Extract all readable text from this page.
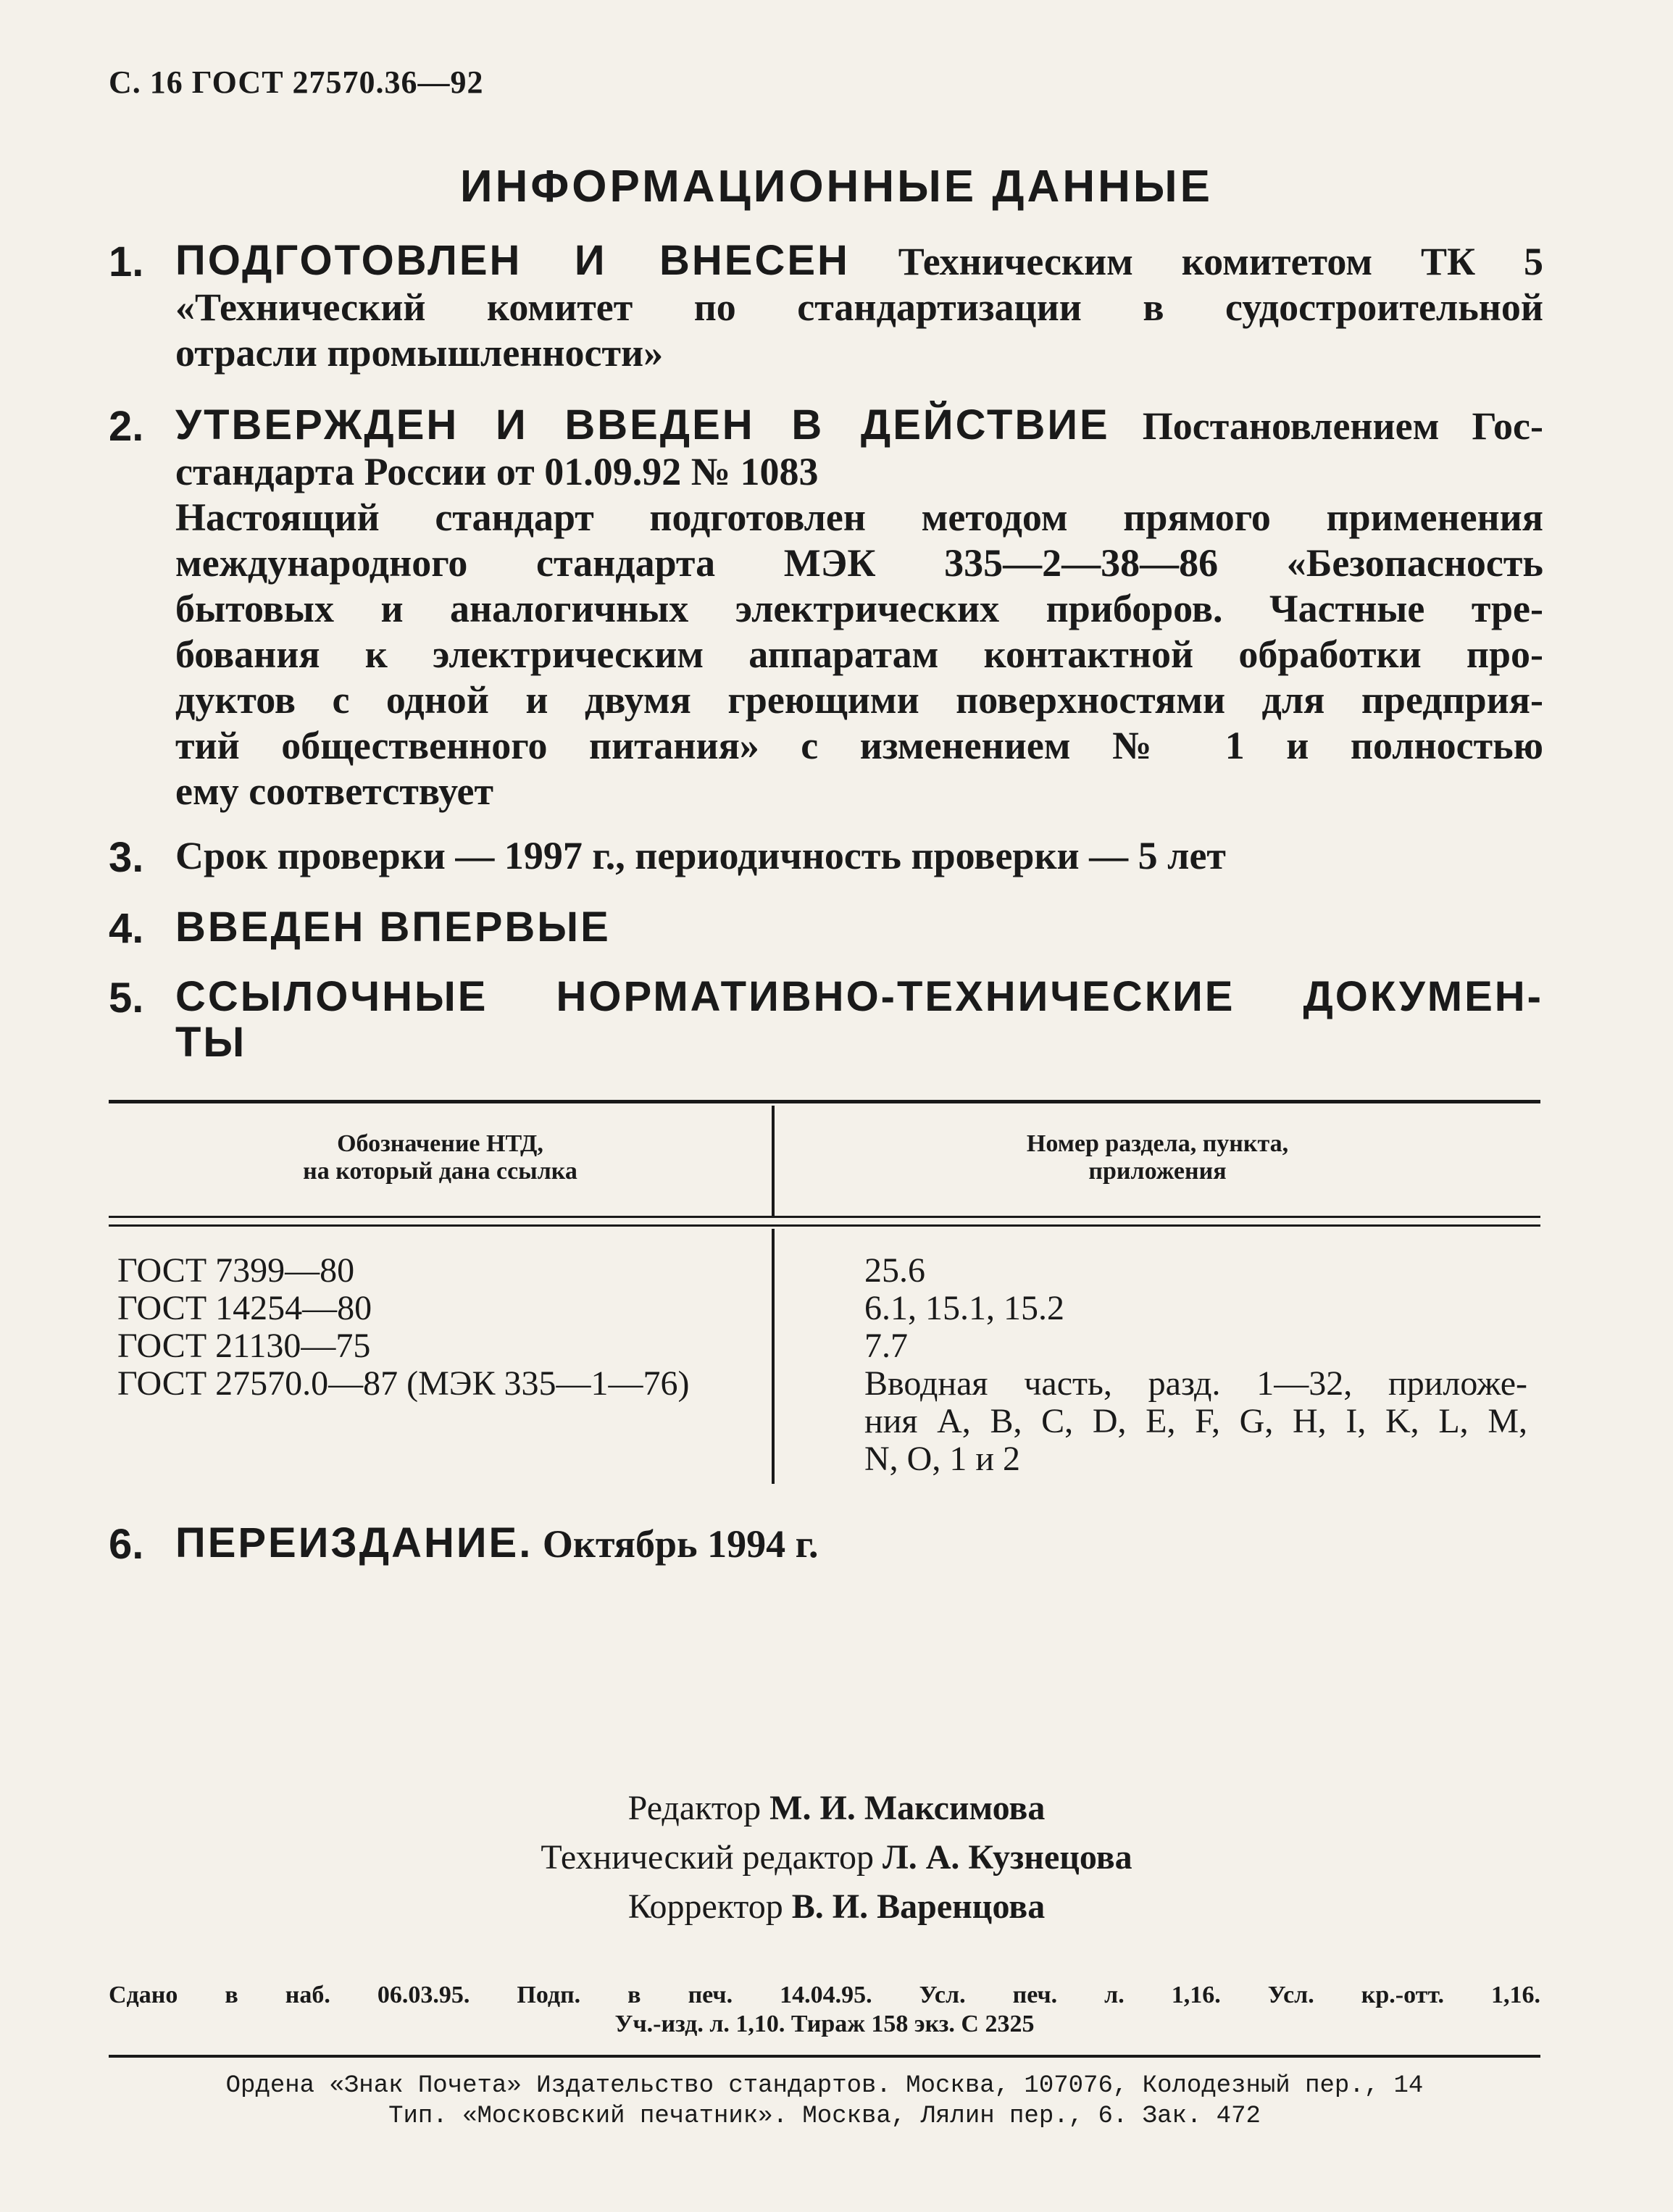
С. 16 ГОСТ 27570.36—92
ИНФОРМАЦИОННЫЕ ДАННЫЕ
1. ПОДГОТОВЛЕН И ВНЕСЕН Техническим комитетом ТК 5
«Технический комитет по стандартизации в судостроительной
отрасли промышленности»
2. УТВЕРЖДЕН И ВВЕДЕН В ДЕЙСТВИЕ Постановлением Гос-
стандарта России от 01.09.92 № 1083
Настоящий стандарт подготовлен методом прямого применения
международного стандарта МЭК 335—2—38—86 «Безопасность
бытовых и аналогичных электрических приборов. Частные тре-
бования к электрическим аппаратам контактной обработки про-
дуктов с одной и двумя греющими поверхностями для предприя-
тий общественного питания» с изменением № 1 и полностью
ему соответствует
3. Срок проверки — 1997 г., периодичность проверки — 5 лет
4. ВВЕДЕН ВПЕРВЫЕ
5. ССЫЛОЧНЫЕ НОРМАТИВНО-ТЕХНИЧЕСКИЕ ДОКУМЕН-
ТЫ
Обозначение НТД,
на который дана ссылка
Номер раздела, пункта,
приложения
ГОСТ 7399—80	25.6
ГОСТ 14254—80	6.1, 15.1, 15.2
ГОСТ 21130—75	7.7
ГОСТ 27570.0—87 (МЭК 335—1—76)	Вводная часть, разд. 1—32, приложе-
ния A, B, C, D, E, F, G, H, I, K, L, M,
N, O, 1 и 2
6. ПЕРЕИЗДАНИЕ. Октябрь 1994 г.
Редактор М. И. Максимова
Технический редактор Л. А. Кузнецова
Корректор В. И. Варенцова
Сдано в наб. 06.03.95. Подп. в печ. 14.04.95. Усл. печ. л. 1,16. Усл. кр.-отт. 1,16.
Уч.-изд. л. 1,10. Тираж 158 экз. С 2325
Ордена «Знак Почета» Издательство стандартов. Москва, 107076, Колодезный пер., 14
Тип. «Московский печатник». Москва, Лялин пер., 6. Зак. 472
